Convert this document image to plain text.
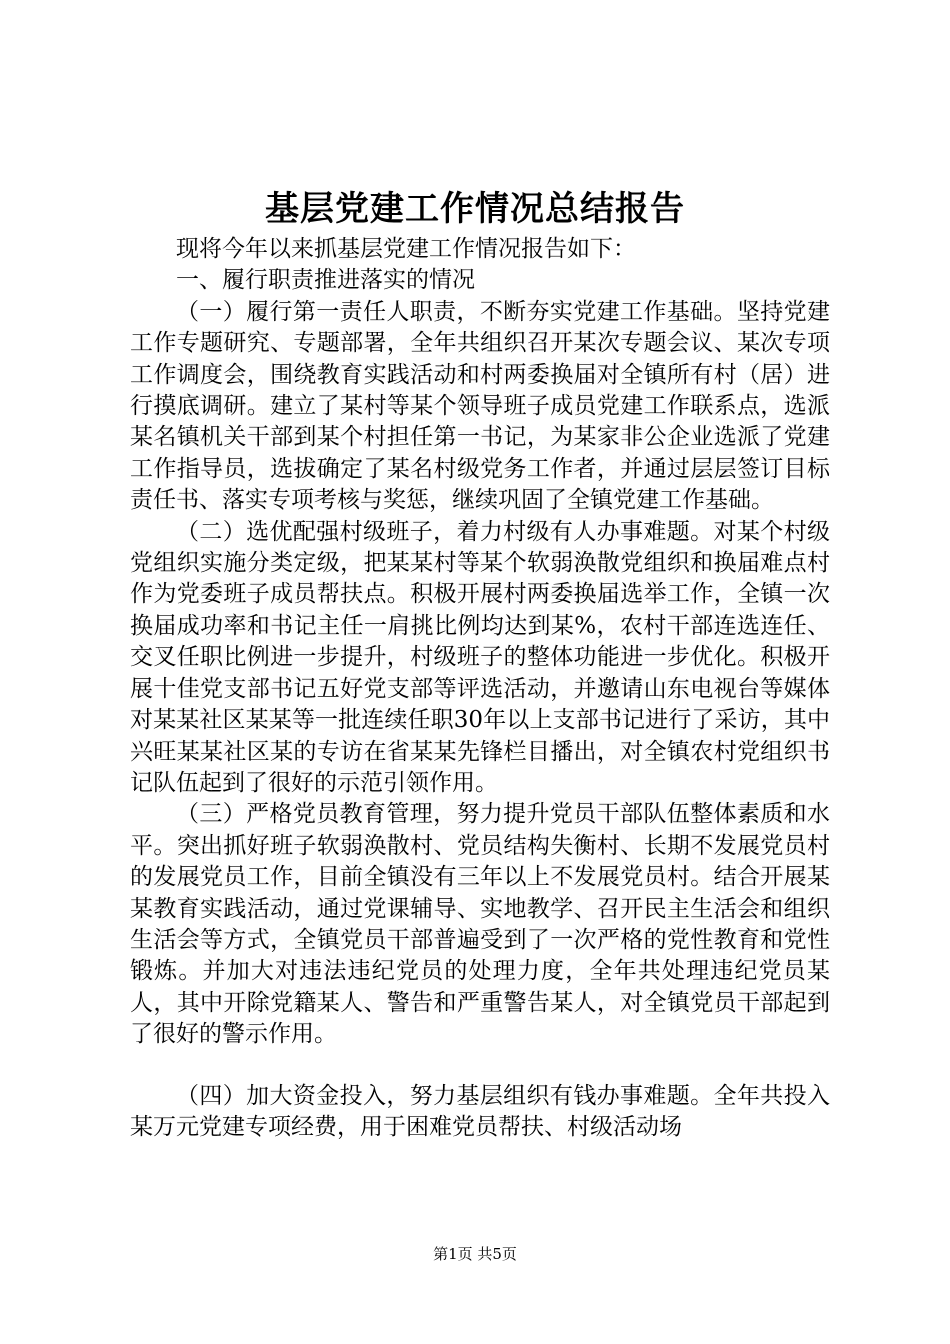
基层党建工作情况总结报告

现将今年以来抓基层党建工作情况报告如下：

一、履行职责推进落实的情况

（一）履行第一责任人职责，不断夯实党建工作基础。坚持党建工作专题研究、专题部署，全年共组织召开某次专题会议、某次专项工作调度会，围绕教育实践活动和村两委换届对全镇所有村（居）进行摸底调研。建立了某村等某个领导班子成员党建工作联系点，选派某名镇机关干部到某个村担任第一书记，为某家非公企业选派了党建工作指导员，选拔确定了某名村级党务工作者，并通过层层签订目标责任书、落实专项考核与奖惩，继续巩固了全镇党建工作基础。

（二）选优配强村级班子，着力村级有人办事难题。对某个村级党组织实施分类定级，把某某村等某个软弱涣散党组织和换届难点村作为党委班子成员帮扶点。积极开展村两委换届选举工作，全镇一次换届成功率和书记主任一肩挑比例均达到某%，农村干部连选连任、交叉任职比例进一步提升，村级班子的整体功能进一步优化。积极开展十佳党支部书记五好党支部等评选活动，并邀请山东电视台等媒体对某某社区某某等一批连续任职30年以上支部书记进行了采访，其中兴旺某某社区某的专访在省某某先锋栏目播出，对全镇农村党组织书记队伍起到了很好的示范引领作用。

（三）严格党员教育管理，努力提升党员干部队伍整体素质和水平。突出抓好班子软弱涣散村、党员结构失衡村、长期不发展党员村的发展党员工作，目前全镇没有三年以上不发展党员村。结合开展某某教育实践活动，通过党课辅导、实地教学、召开民主生活会和组织生活会等方式，全镇党员干部普遍受到了一次严格的党性教育和党性锻炼。并加大对违法违纪党员的处理力度，全年共处理违纪党员某人，其中开除党籍某人、警告和严重警告某人，对全镇党员干部起到了很好的警示作用。

（四）加大资金投入，努力基层组织有钱办事难题。全年共投入某万元党建专项经费，用于困难党员帮扶、村级活动场

第1页 共5页
